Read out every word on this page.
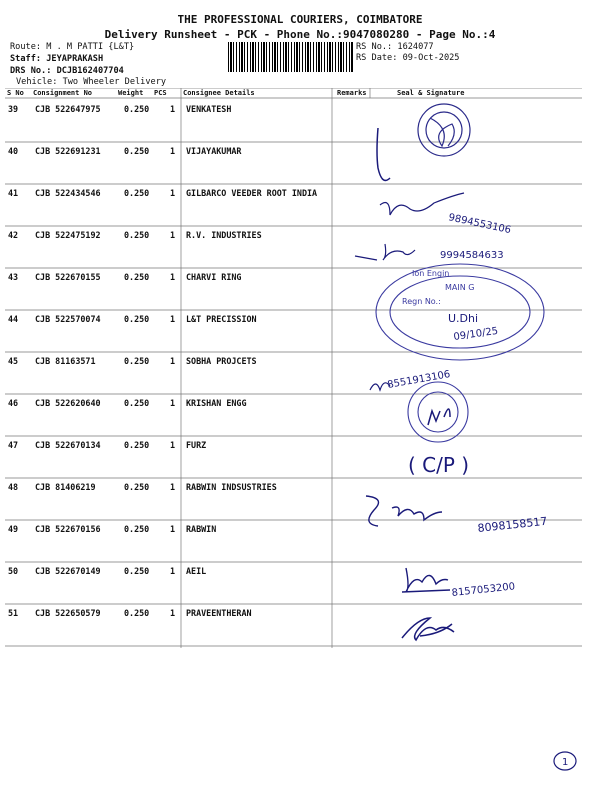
THE PROFESSIONAL COURIERS, COIMBATORE
Delivery Runsheet - PCK - Phone No.:9047080280 - Page No.:4
Route: M . M PATTI {L&T}
Staff: JEYAPRAKASH
DRS No.: DCJB162407704
Vehicle: Two Wheeler Delivery
RS No.: 1624077
RS Date: 09-Oct-2025
S No Consignment No	Weight PCS Consignee Details	Remarks	Seal & Signature
39 CJB 522647975	0.250 1 VENKATESH
40 CJB 522691231	0.250 1 VIJAYAKUMAR
41 CJB 522434546	0.250 1 GILBARCO VEEDER ROOT INDIA
42 CJB 522475192	0.250 1 R.V. INDUSTRIES
43 CJB 522670155	0.250 1 CHARVI RING
44 CJB 522570074	0.250 1 L&T PRECISSION
45 CJB 81163571	0.250 1 SOBHA PROJCETS
46 CJB 522620640	0.250 1 KRISHAN ENGG
47 CJB 522670134	0.250 1 FURZ
48 CJB 81406219	0.250 1 RABWIN INDSUSTRIES
49 CJB 522670156	0.250 1 RABWIN
50 CJB 522670149	0.250 1 AEIL
51 CJB 522650579	0.250 1 PRAVEENTHERAN
9894553106
9994584633
Ion Engin
MAIN G
Regn No.:
U.Dhi
09/10/25
8551913106
( C/P )
8098158517
8157053200
1
